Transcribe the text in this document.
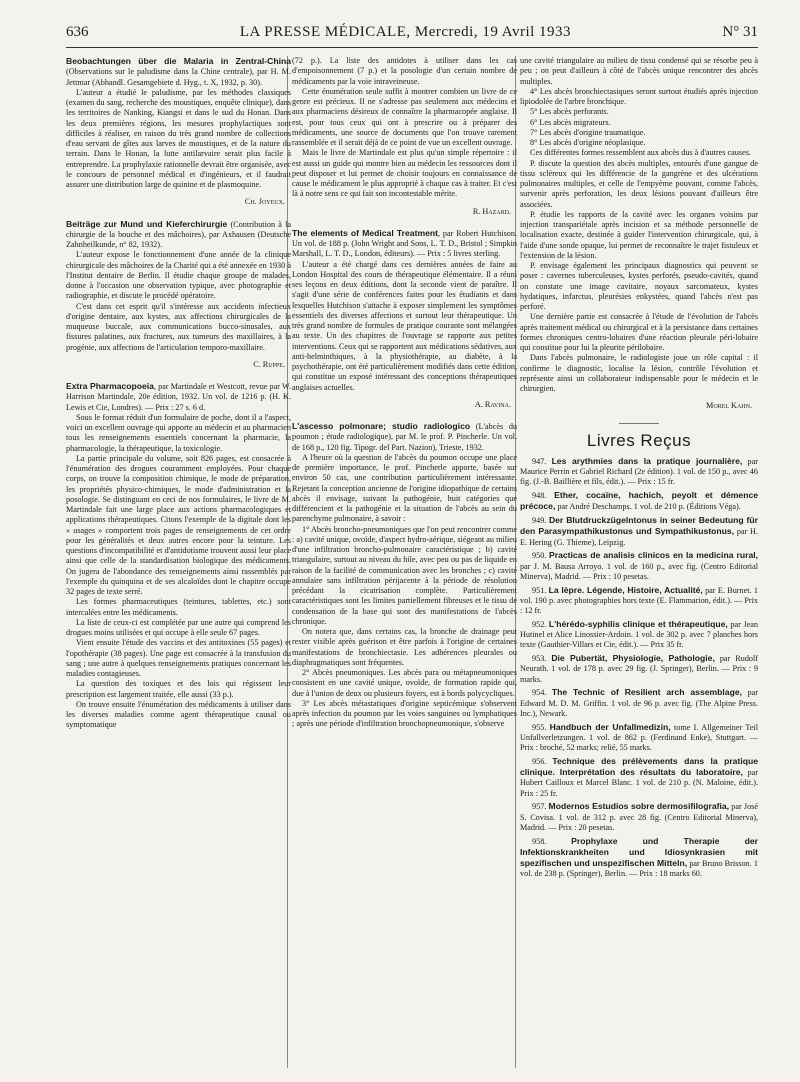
636	LA PRESSE MÉDICALE, Mercredi, 19 Avril 1933	N° 31

Beobachtungen über die Malaria in Zentral-China (Observations sur le paludisme dans la Chine centrale), par H. M. Jettmar (Abhandl. Gesamgebiete d. Hyg., t. X, 1932, p. 30).

L'auteur a étudié le paludisme, par les méthodes classiques (examen du sang, recherche des moustiques, enquête clinique), dans les territoires de Nanking, Kiangsi et dans le sud du Honan. Dans les deux premières régions, les mesures prophylactiques sont difficiles à réaliser, en raison du très grand nombre de collections d'eau servant de gîtes aux larves de moustiques, et de la nature du terrain. Dans le Honan, la lutte antilarvaire serait plus facile à entreprendre. La prophylaxie rationnelle devrait être organisée, avec le concours de personnel médical et d'ingénieurs, et il faudrait assurer une distribution large de quinine et de plasmoquine.

Ch. Joyeux.

Beiträge zur Mund und Kieferchirurgie (Contribution à la chirurgie de la bouche et des mâchoires), par Axhausen (Deutsche Zahnheilkunde, n° 82, 1932).

L'auteur expose le fonctionnement d'une année de la clinique chirurgicale des mâchoires de la Charité qui a été annexée en 1930 à l'Institut dentaire de Berlin. Il étudie chaque groupe de malades, donne à l'occasion une observation typique, avec photographie et radiographie, et discute le procédé opératoire.

C'est dans cet esprit qu'il s'intéresse aux accidents infectieux d'origine dentaire, aux kystes, aux affections chirurgicales de la muqueuse buccale, aux communications bucco-sinusales, aux fissures palatines, aux fractures, aux tumeurs des maxillaires, à la progénie, aux affections de l'articulation temporo-maxillaire.

C. Ruppe.

Extra Pharmacopoeia, par Martindale et Westcott, revue par W. Harrison Martindale, 20e édition, 1932. Un vol. de 1216 p. (H. K. Lewis et Cie, Londres). — Prix : 27 s. 6 d.

Sous le format réduit d'un formulaire de poche, dont il a l'aspect, voici un excellent ouvrage qui apporte au médecin et au pharmacien tous les renseignements essentiels concernant la pharmacie, la pharmacologie, la thérapeutique, la toxicologie.

La partie principale du volume, soit 826 pages, est consacrée à l'énumération des drogues couramment employées. Pour chaque corps, on trouve la composition chimique, le mode de préparation, les propriétés physico-chimiques, le mode d'administration et la posologie. Se distinguant en ceci de nos formulaires, le livre de M. Martindale fait une large place aux actions pharmacologiques et applications thérapeutiques. Citons l'exemple de la digitale dont les « usages » comportent trois pages de renseignements de cet ordre pour les généralités et deux autres encore pour la teinture. Les questions d'incompatibilité et d'antidotisme trouvent aussi leur place ainsi que celle de la standardisation biologique des médicaments. On jugera de l'abondance des renseignements ainsi rassemblés par l'exemple du quinquina et de ses alcaloïdes dont le chapitre occupe 32 pages de texte serré.

Les formes pharmaceutiques (teintures, tablettes, etc.) sont intercalées entre les médicaments.

La liste de ceux-ci est complétée par une autre qui comprend les drogues moins utilisées et qui occupe à elle seule 67 pages.

Vient ensuite l'étude des vaccins et des antitoxines (55 pages) et l'opothérapie (38 pages). Une page est consacrée à la transfusion du sang ; une autre à quelques renseignements pratiques concernant les maladies contagieuses.

La question des toxiques et des lois qui régissent leur prescription est largement traitée, elle aussi (33 p.).

On trouve ensuite l'énumération des médicaments à utiliser dans les diverses maladies comme agent thérapeutique causal ou symptomatique

(72 p.). La liste des antidotes à utiliser dans les cas d'empoisonnement (7 p.) et la posologie d'un certain nombre de médicaments par la voie intraveineuse.

Cette énumération seule suffit à montrer combien un livre de ce genre est précieux. Il ne s'adresse pas seulement aux médecins et aux pharmaciens désireux de connaître la pharmacopée anglaise. Il est, pour tous ceux qui ont à prescrire ou à préparer des médicaments, une source de documents que l'on trouve rarement rassemblée et il serait déjà de ce point de vue un excellent ouvrage.

Mais le livre de Martindale est plus qu'un simple répertoire : il est aussi un guide qui montre bien au médecin les ressources dont il peut disposer et lui permet de choisir toujours en connaissance de cause le médicament le plus approprié à chaque cas à traiter. Et c'est là à notre sens ce qui fait son incontestable mérite.

R. Hazard.

The elements of Medical Treatment, par Robert Hutchison. Un vol. de 188 p. (John Wright and Sons, L. T. D., Bristol ; Simpkin Marshall, L. T. D., London, éditeurs). — Prix : 5 livres sterling.

L'auteur a été chargé dans ces dernières années de faire au London Hospital des cours de thérapeutique élémentaire. Il a réuni ses leçons en deux éditions, dont la seconde vient de paraître. Il s'agit d'une série de conférences faites pour les étudiants et dans lesquelles Hutchison s'attache à exposer simplement les symptômes essentiels des diverses affections et surtout leur thérapeutique. Un très grand nombre de formules de pratique courante sont mélangées au texte. Un des chapitres de l'ouvrage se rapporte aux petites interventions. Ceux qui se rapportent aux médications sédatives, aux anti-helminthiques, à la physiothérapie, au diabète, à la psychothérapie, ont été particulièrement modifiés dans cette édition, qui constitue un exposé intéressant des conceptions thérapeutiques anglaises actuelles.

A. Ravina.

L'ascesso polmonare; studio radiologico (L'abcès du poumon ; étude radiologique), par M. le prof. P. Pincherle. Un vol. de 168 p., 120 fig. Tipogr. del Part. Nazion), Trieste, 1932.

A l'heure où la question de l'abcès du poumon occupe une place de première importance, le prof. Pincherle apporte, basée sur environ 50 cas, une contribution particulièrement intéressante. Rejetant la conception ancienne de l'origine idiopathique de certains abcès il envisage, suivant la pathogénie, huit catégories que différencient et la pathogénie et la situation de l'abcès au sein du parenchyme pulmonaire, à savoir :

1° Abcès broncho-pneumoniques que l'on peut rencontrer comme : a) cavité unique, ovoïde, d'aspect hydro-aérique, siégeant au milieu d'une infiltration broncho-pulmonaire caractéristique ; b) cavité triangulaire, surtout au niveau du hile, avec peu ou pas de liquide en raison de la facilité de communication avec les bronches ; c) cavité annulaire sans infiltration périjacente à la période de résolution précédant la cicatrisation complète. Particulièrement caractéristiques sont les limites partiellement fibreuses et le tissu de condensation de la base qui sont des manifestations de l'abcès chronique.

On notera que, dans certains cas, la bronche de drainage peut rester visible après guérison et être parfois à l'origine de certaines manifestations de bronchiectasie. Les adhérences pleurales ou diaphragmatiques sont fréquentes.

2° Abcès pneumoniques. Les abcès para ou métapneumoniques consistent en une cavité unique, ovoïde, de formation rapide qui, due à l'union de deux ou plusieurs foyers, est à bords polycycliques.

3° Les abcès métastatiques d'origine septicémique s'observent après infection du poumon par les voies sanguines ou lymphatiques ; après une période d'infiltration bronchopneumonique, s'observe

une cavité triangulaire au milieu de tissu condensé qui se résorbe peu à peu ; on peut d'ailleurs à côté de l'abcès unique rencontrer des abcès multiples.

4° Les abcès bronchiectasiques seront surtout étudiés après injection lipiodolée de l'arbre bronchique.

5° Les abcès perforants.

6° Les abcès migrateurs.

7° Les abcès d'origine traumatique.

8° Les abcès d'origine néoplasique.

Ces différentes formes ressemblent aux abcès dus à d'autres causes.

P. discute la question des abcès multiples, entourés d'une gangue de tissu scléreux qui les différencie de la gangrène et des ulcérations pulmonaires multiples, et celle de l'empyème pouvant, comme l'abcès, survenir après perforation, les deux lésions pouvant d'ailleurs être associées.

P. étudie les rapports de la cavité avec les organes voisins par injection transpariétale après incision et sa méthode personnelle de localisation exacte, destinée à guider l'intervention chirurgicale, qui, à l'aide d'une sonde opaque, lui permet de reconnaître le trajet fistuleux et l'extension de la lésion.

P. envisage également les principaux diagnostics qui peuvent se poser : cavernes tuberculeuses, kystes perforés, pseudo-cavités, quand on constate une image cavitaire, noyaux sarcomateux, kystes hydatiques, infarctus, pleurésies enkystées, quand l'abcès n'est pas perforé.

Une dernière partie est consacrée à l'étude de l'évolution de l'abcès après traitement médical ou chirurgical et à la persistance dans certaines formes chroniques centro-lobaires d'une réaction pleurale péri-lobaire qui constitue pour lui la pleurite périlobaire.

Dans l'abcès pulmonaire, le radiologiste joue un rôle capital : il confirme le diagnostic, localise la lésion, contrôle l'évolution et représente ainsi un collaborateur indispensable pour le médecin et le chirurgien.

Morel Kahn.
Livres Reçus

947. Les arythmies dans la pratique journalière, par Maurice Perrin et Gabriel Richard (2e édition). 1 vol. de 150 p., avec 46 fig. (J.-B. Baillière et fils, édit.). — Prix : 15 fr.

948. Ether, cocaïne, hachich, peyolt et démence précoce, par André Deschamps. 1 vol. de 210 p. (Éditions Véga).

949. Der Blutdruckzügelntonus in seiner Bedeutung für den Parasympathikustonus und Sympathikustonus, par H. E. Hering (G. Thieme), Leipzig.

950. Practicas de analisis clinicos en la medicina rural, par J. M. Bausa Arroyo. 1 vol. de 160 p., avec fig. (Centro Editorial Minerva), Madrid. — Prix : 10 pesetas.

951. La lèpre. Légende, Histoire, Actualité, par E. Burnet. 1 vol. 190 p. avec photographies hors texte (E. Flammarion, édit.). — Prix : 12 fr.

952. L'hérédo-syphilis clinique et thérapeutique, par Jean Hutinel et Alice Linossier-Ardoin. 1 vol. de 302 p. avec 7 planches hors texte (Gauthier-Villars et Cie, édit.). — Prix 35 fr.

953. Die Pubertät, Physiologie, Pathologie, par Rudolf Neurath. 1 vol. de 178 p. avec 29 fig. (J. Springer), Berlin. — Prix : 9 marks.

954. The Technic of Resilient arch assemblage, par Edward M. D. M. Griffin. 1 vol. de 96 p. avec fig. (The Alpine Press. Inc.), Newark.

955. Handbuch der Unfallmedizin, tome I. Allgemeiner Teil Unfallverletzungen. 1 vol. de 862 p. (Ferdinand Enke), Stuttgart. — Prix : broché, 52 marks; relié, 55 marks.

956. Technique des prélèvements dans la pratique clinique. Interprétation des résultats du laboratoire, par Hubert Cailloux et Marcel Blanc. 1 vol. de 210 p. (N. Maloine, édit.). Prix : 25 fr.

957. Modernos Estudios sobre dermosifilografia, par José S. Covisa. 1 vol. de 312 p. avec 28 fig. (Centro Editorial Minerva), Madrid. — Prix : 20 pesetas.

958.	Prophylaxe und Therapie der Infektionskrankheiten und Idiosynkrasien mit spezifischen und unspezifischen Mitteln, par Bruno Brisson. 1 vol. de 238 p. (Springer), Berlin. — Prix : 18 marks 60.
